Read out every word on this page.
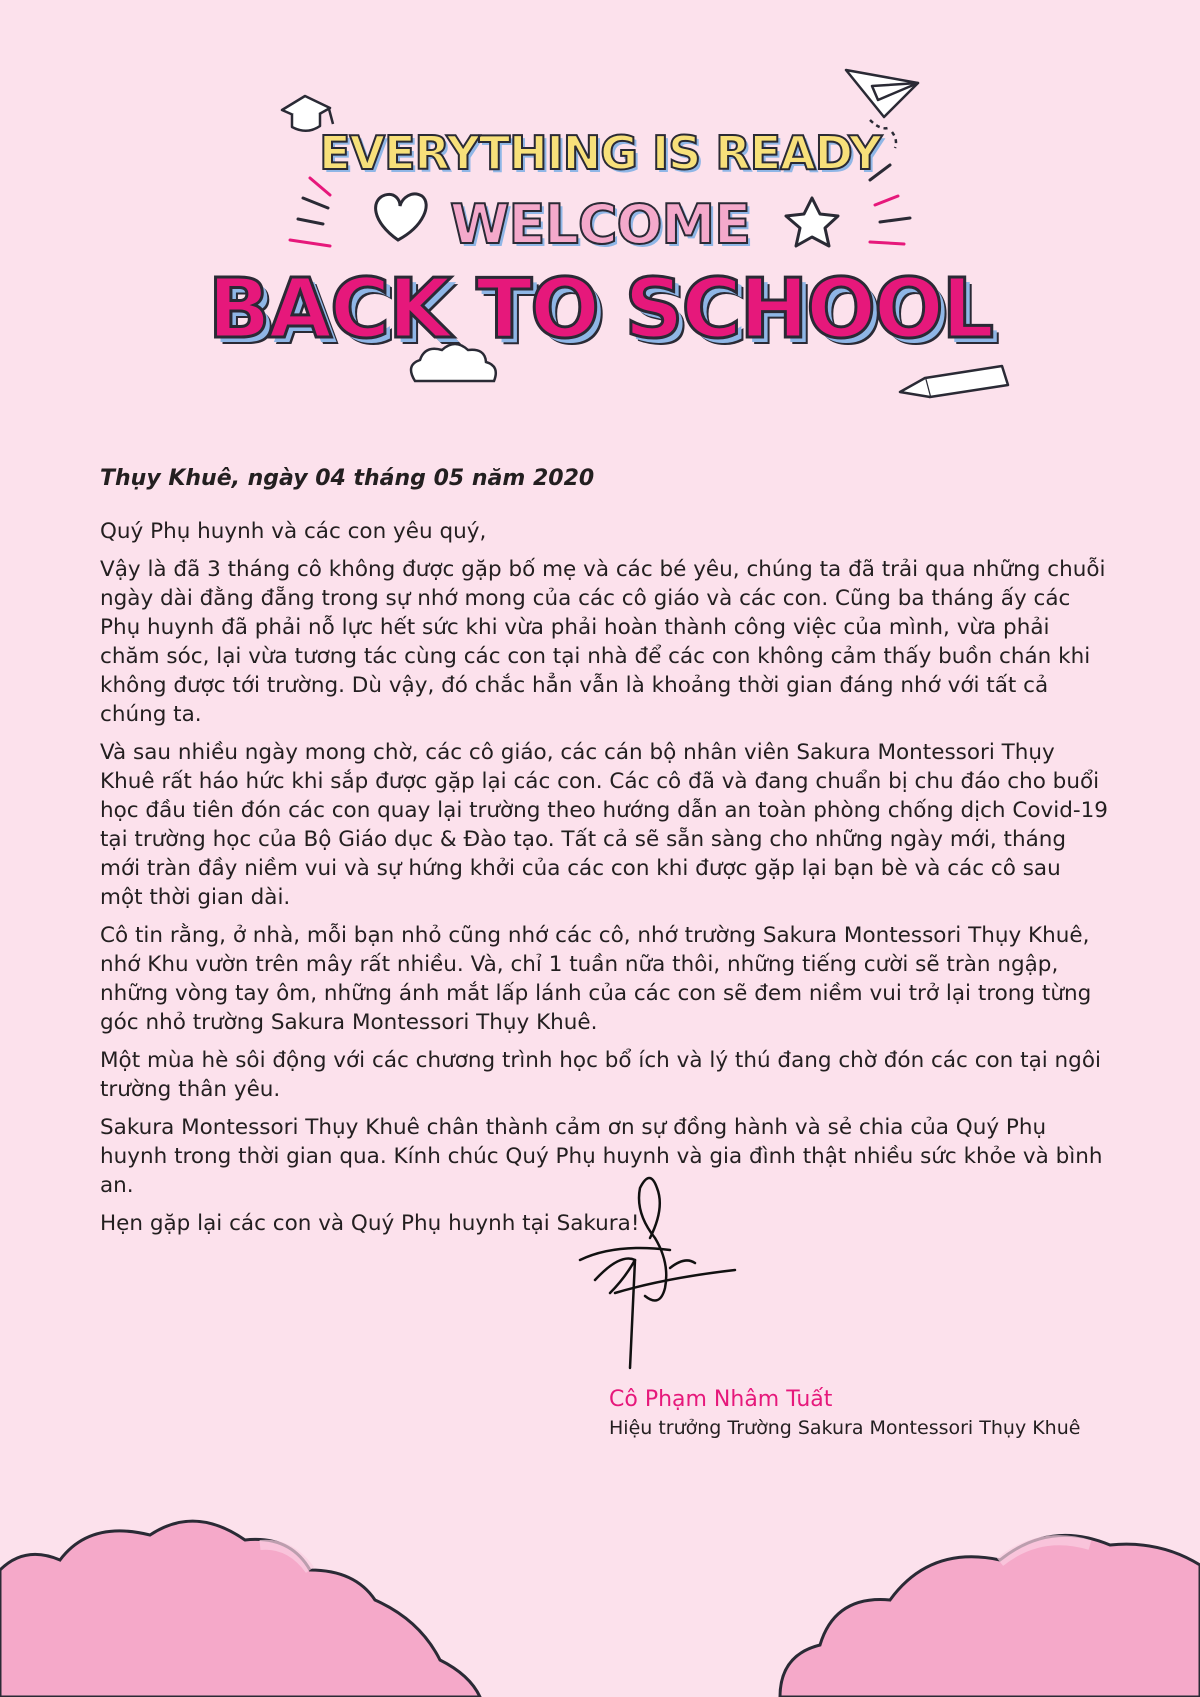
EVERYTHING IS READY
WELCOME
BACK TO SCHOOL

Thụy Khuê, ngày 04 tháng 05 năm 2020

Quý Phụ huynh và các con yêu quý,

Vậy là đã 3 tháng cô không được gặp bố mẹ và các bé yêu, chúng ta đã trải qua những chuỗi ngày dài đằng đẵng trong sự nhớ mong của các cô giáo và các con. Cũng ba tháng ấy các Phụ huynh đã phải nỗ lực hết sức khi vừa phải hoàn thành công việc của mình, vừa phải chăm sóc, lại vừa tương tác cùng các con tại nhà để các con không cảm thấy buồn chán khi không được tới trường. Dù vậy, đó chắc hẳn vẫn là khoảng thời gian đáng nhớ với tất cả chúng ta.

Và sau nhiều ngày mong chờ, các cô giáo, các cán bộ nhân viên Sakura Montessori Thụy Khuê rất háo hức khi sắp được gặp lại các con. Các cô đã và đang chuẩn bị chu đáo cho buổi học đầu tiên đón các con quay lại trường theo hướng dẫn an toàn phòng chống dịch Covid-19 tại trường học của Bộ Giáo dục & Đào tạo. Tất cả sẽ sẵn sàng cho những ngày mới, tháng mới tràn đầy niềm vui và sự hứng khởi của các con khi được gặp lại bạn bè và các cô sau một thời gian dài.

Cô tin rằng, ở nhà, mỗi bạn nhỏ cũng nhớ các cô, nhớ trường Sakura Montessori Thụy Khuê, nhớ Khu vườn trên mây rất nhiều. Và, chỉ 1 tuần nữa thôi, những tiếng cười sẽ tràn ngập, những vòng tay ôm, những ánh mắt lấp lánh của các con sẽ đem niềm vui trở lại trong từng góc nhỏ trường Sakura Montessori Thụy Khuê.

Một mùa hè sôi động với các chương trình học bổ ích và lý thú đang chờ đón các con tại ngôi trường thân yêu.

Sakura Montessori Thụy Khuê chân thành cảm ơn sự đồng hành và sẻ chia của Quý Phụ huynh trong thời gian qua. Kính chúc Quý Phụ huynh và gia đình thật nhiều sức khỏe và bình an.

Hẹn gặp lại các con và Quý Phụ huynh tại Sakura!

Cô Phạm Nhâm Tuất
Hiệu trưởng Trường Sakura Montessori Thụy Khuê
